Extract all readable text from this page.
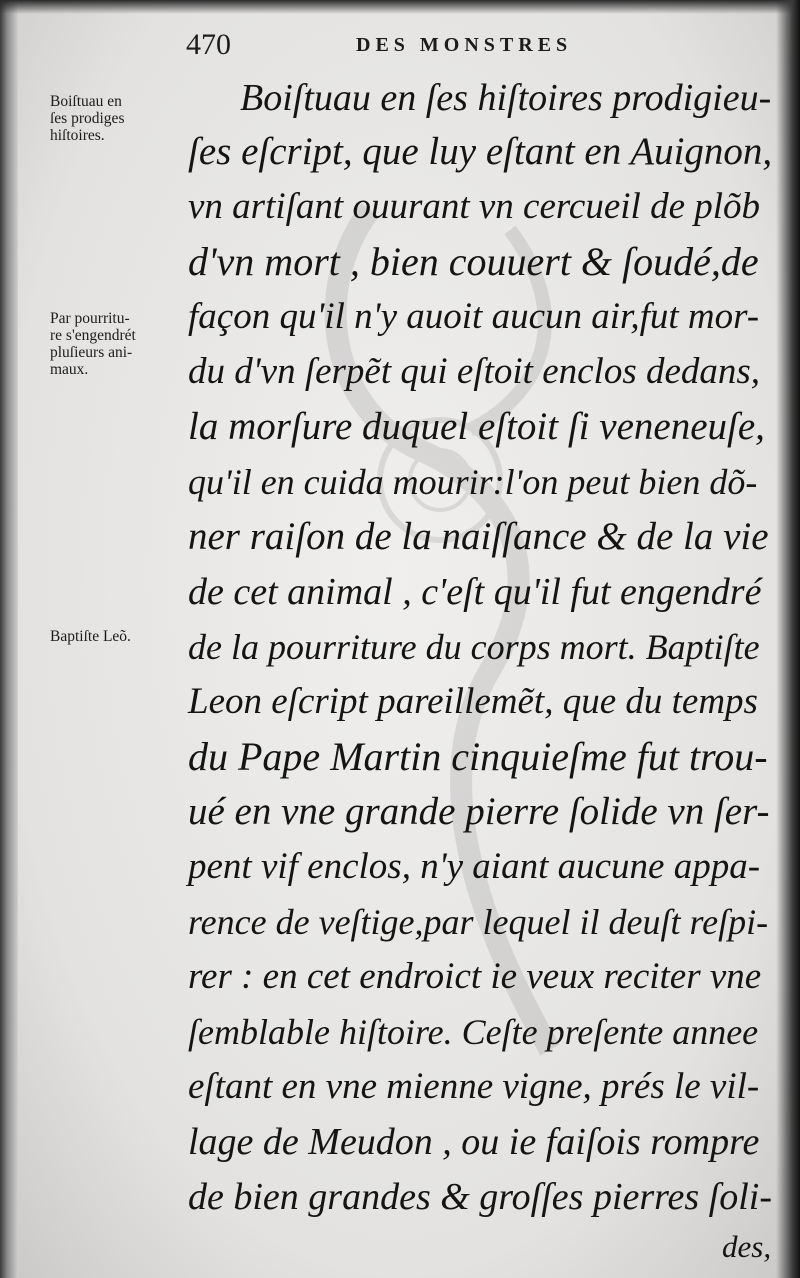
470	DES MONSTRES
Boiſtuau en
ſes prodiges
hiſtoires.
Par pourritu-
re s'engendrét
pluſieurs ani-
maux.
Baptiſte Leõ.
Boiſtuau en ſes hiſtoires prodigieu-
ſes eſcript, que luy eſtant en Auignon,
vn artiſant ouurant vn cercueil de plõb
d'vn mort , bien couuert & ſoudé,de
façon qu'il n'y auoit aucun air,fut mor-
du d'vn ſerpẽt qui eſtoit enclos dedans,
la morſure duquel eſtoit ſi veneneuſe,
qu'il en cuida mourir:l'on peut bien dõ-
ner raiſon de la naiſſance & de la vie
de cet animal , c'eſt qu'il fut engendré
de la pourriture du corps mort. Baptiſte
Leon eſcript pareillemẽt, que du temps
du Pape Martin cinquieſme fut trou-
ué en vne grande pierre ſolide vn ſer-
pent vif enclos, n'y aiant aucune appa-
rence de veſtige,par lequel il deuſt reſpi-
rer : en cet endroict ie veux reciter vne
ſemblable hiſtoire. Ceſte preſente annee
eſtant en vne mienne vigne, prés le vil-
lage de Meudon , ou ie faiſois rompre
de bien grandes & groſſes pierres ſoli-
des,
